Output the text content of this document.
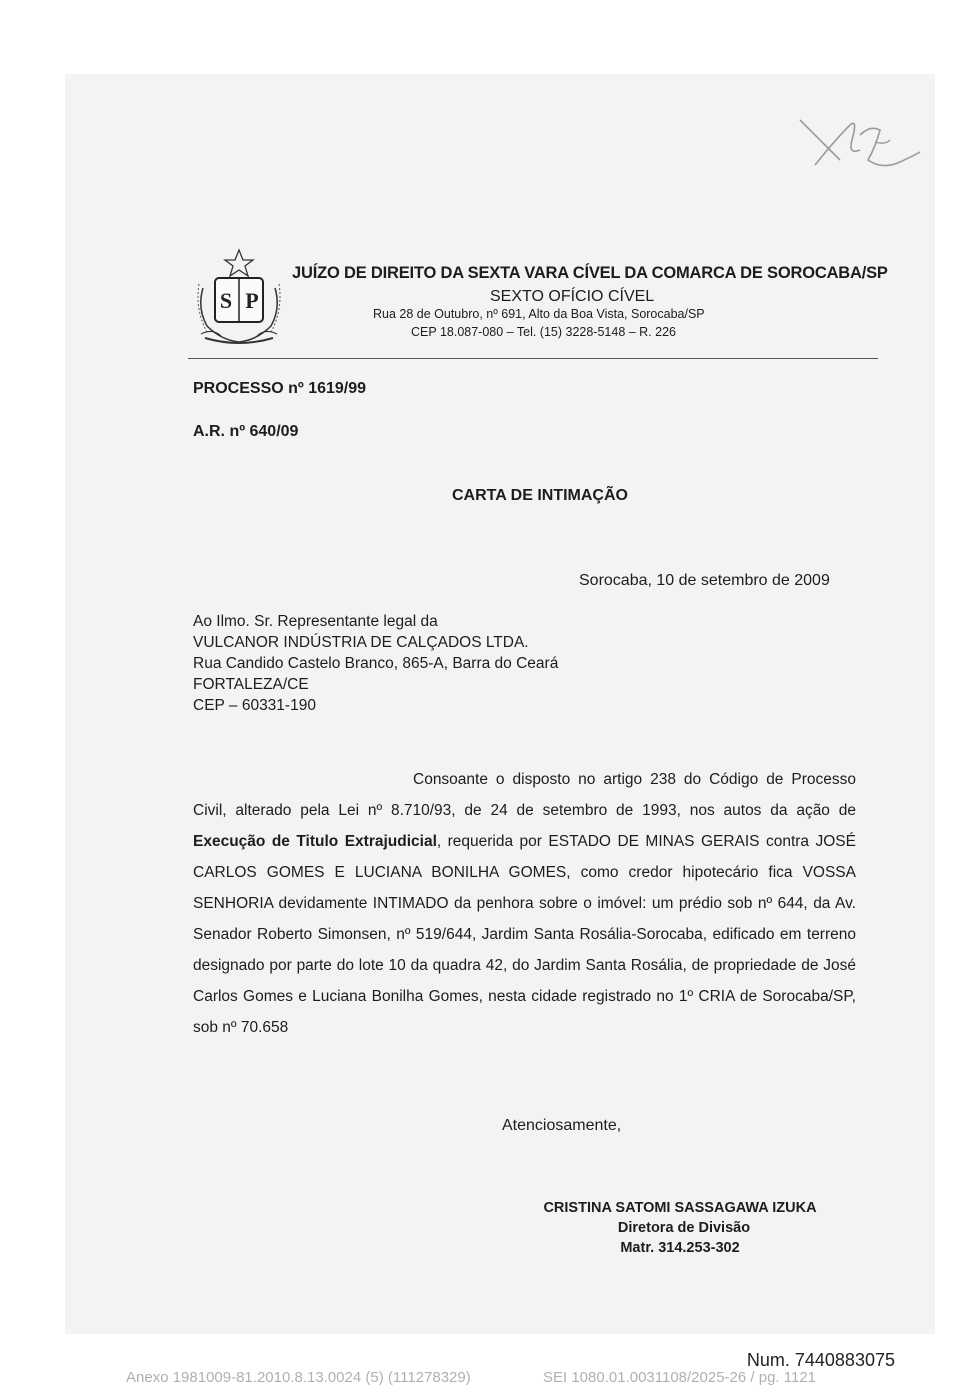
S P
JUÍZO DE DIREITO DA SEXTA VARA CÍVEL DA COMARCA DE SOROCABA/SP
SEXTO OFÍCIO CÍVEL
Rua 28 de Outubro, nº 691, Alto da Boa Vista, Sorocaba/SP
CEP 18.087-080 – Tel. (15) 3228-5148 – R. 226
PROCESSO nº 1619/99
A.R. nº 640/09
CARTA DE INTIMAÇÃO
Sorocaba, 10 de setembro de 2009
Ao Ilmo. Sr. Representante legal da
VULCANOR INDÚSTRIA DE CALÇADOS LTDA.
Rua Candido Castelo Branco, 865-A, Barra do Ceará
FORTALEZA/CE
CEP – 60331-190
Consoante o disposto no artigo 238 do Código de Processo Civil, alterado pela Lei nº 8.710/93, de 24 de setembro de 1993, nos autos da ação de Execução de Titulo Extrajudicial, requerida por ESTADO DE MINAS GERAIS contra JOSÉ CARLOS GOMES E LUCIANA BONILHA GOMES, como credor hipotecário fica VOSSA SENHORIA devidamente INTIMADO da penhora sobre o imóvel: um prédio sob nº 644, da Av. Senador Roberto Simonsen, nº 519/644, Jardim Santa Rosália-Sorocaba, edificado em terreno designado por parte do lote 10 da quadra 42, do Jardim Santa Rosália, de propriedade de José Carlos Gomes e Luciana Bonilha Gomes, nesta cidade registrado no 1º CRIA de Sorocaba/SP, sob nº 70.658
Atenciosamente,
CRISTINA SATOMI SASSAGAWA IZUKA
Diretora de Divisão
Matr. 314.253-302
Num. 7440883075
Anexo 1981009-81.2010.8.13.0024 (5) (111278329)	SEI 1080.01.0031108/2025-26 / pg. 1121
